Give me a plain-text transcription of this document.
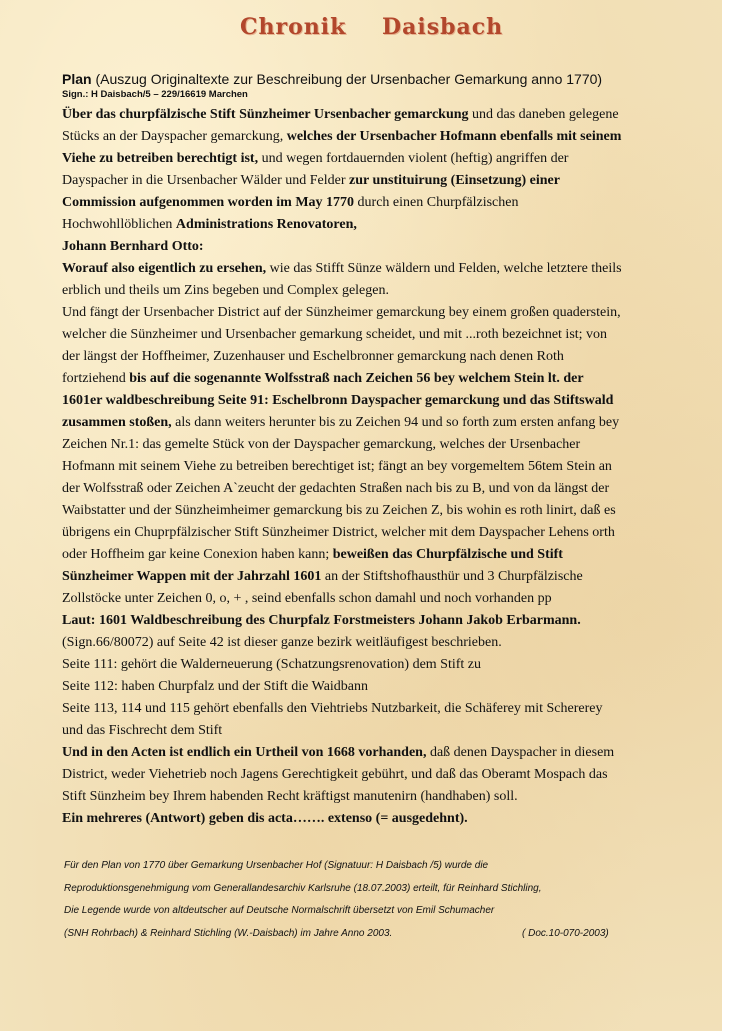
Chronik Daisbach
Plan (Auszug Originaltexte zur Beschreibung der Ursenbacher Gemarkung anno 1770)
Sign.: H Daisbach/5 – 229/16619 Marchen
Über das churpfälzische Stift Sünzheimer Ursenbacher gemarckung und das daneben gelegene
Stücks an der Dayspacher gemarckung, welches der Ursenbacher Hofmann ebenfalls mit seinem
Viehe zu betreiben berechtigt ist, und wegen fortdauernden violent (heftig) angriffen der
Dayspacher in die Ursenbacher Wälder und Felder zur unstituirung (Einsetzung) einer
Commission aufgenommen worden im May 1770 durch einen Churpfälzischen
Hochwohllöblichen Administrations Renovatoren,
Johann Bernhard Otto:
Worauf also eigentlich zu ersehen, wie das Stifft Sünze wäldern und Felden, welche letztere theils
erblich und theils um Zins begeben und Complex gelegen.
Und fängt der Ursenbacher District auf der Sünzheimer gemarckung bey einem großen quaderstein,
welcher die Sünzheimer und Ursenbacher gemarkung scheidet, und mit ...roth bezeichnet ist; von
der längst der Hoffheimer, Zuzenhauser und Eschelbronner gemarckung nach denen Roth
fortziehend bis auf die sogenannte Wolfsstraß nach Zeichen 56 bey welchem Stein lt. der
1601er waldbeschreibung Seite 91: Eschelbronn Dayspacher gemarckung und das Stiftswald
zusammen stoßen, als dann weiters herunter bis zu Zeichen 94 und so forth zum ersten anfang bey
Zeichen Nr.1: das gemelte Stück von der Dayspacher gemarckung, welches der Ursenbacher
Hofmann mit seinem Viehe zu betreiben berechtiget ist; fängt an bey vorgemeltem 56tem Stein an
der Wolfsstraß oder Zeichen A`zeucht der gedachten Straßen nach bis zu B, und von da längst der
Waibstatter und der Sünzheimheimer gemarckung bis zu Zeichen Z, bis wohin es roth linirt, daß es
übrigens ein Chuprpfälzischer Stift Sünzheimer District, welcher mit dem Dayspacher Lehens orth
oder Hoffheim gar keine Conexion haben kann; beweißen das Churpfälzische und Stift
Sünzheimer Wappen mit der Jahrzahl 1601 an der Stiftshofhausthür und 3 Churpfälzische
Zollstöcke unter Zeichen 0, o, + , seind ebenfalls schon damahl und noch vorhanden pp
Laut: 1601 Waldbeschreibung des Churpfalz Forstmeisters Johann Jakob Erbarmann.
(Sign.66/80072) auf Seite 42 ist dieser ganze bezirk weitläufigest beschrieben.
Seite 111: gehört die Walderneuerung (Schatzungsrenovation) dem Stift zu
Seite 112: haben Churpfalz und der Stift die Waidbann
Seite 113, 114 und 115 gehört ebenfalls den Viehtriebs Nutzbarkeit, die Schäferey mit Schererey
und das Fischrecht dem Stift
Und in den Acten ist endlich ein Urtheil von 1668 vorhanden, daß denen Dayspacher in diesem
District, weder Viehetrieb noch Jagens Gerechtigkeit gebührt, und daß das Oberamt Mospach das
Stift Sünzheim bey Ihrem habenden Recht kräftigst manutenirn (handhaben) soll.
Ein mehreres (Antwort) geben dis acta……. extenso (= ausgedehnt).
Für den Plan von 1770 über Gemarkung Ursenbacher Hof (Signatuur: H Daisbach /5) wurde die
Reproduktionsgenehmigung vom Generallandesarchiv Karlsruhe (18.07.2003) erteilt, für Reinhard Stichling,
Die Legende wurde von altdeutscher auf Deutsche Normalschrift übersetzt von Emil Schumacher
(SNH Rohrbach) & Reinhard Stichling (W.-Daisbach) im Jahre Anno 2003.	( Doc.10-070-2003)
